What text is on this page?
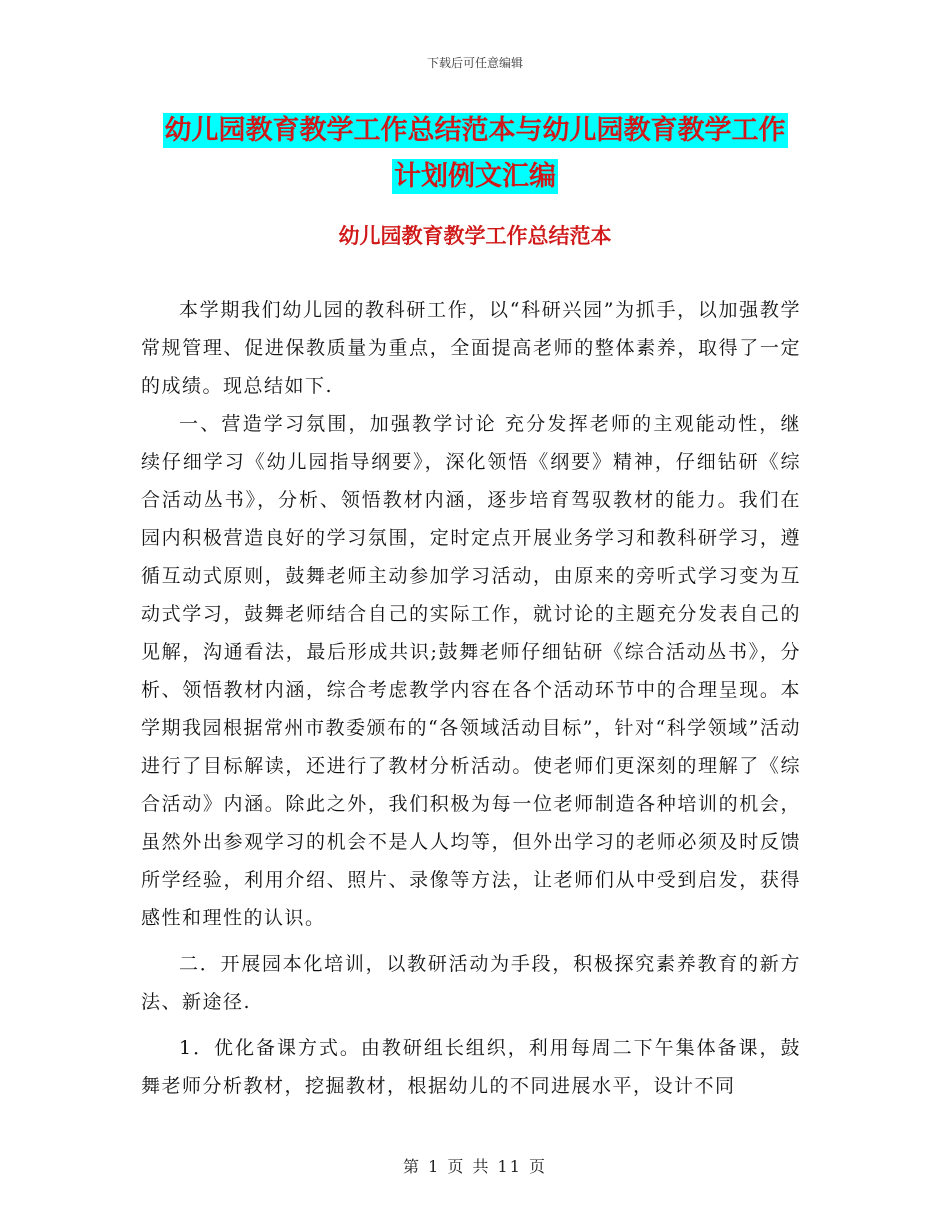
下载后可任意编辑
幼儿园教育教学工作总结范本与幼儿园教育教学工作
计划例文汇编
幼儿园教育教学工作总结范本

本学期我们幼儿园的教科研工作，以“科研兴园”为抓手，以加强教学常规管理、促进保教质量为重点，全面提高老师的整体素养，取得了一定的成绩。现总结如下.

一、营造学习氛围，加强教学讨论 充分发挥老师的主观能动性，继续仔细学习《幼儿园指导纲要》，深化领悟《纲要》精神，仔细钻研《综合活动丛书》，分析、领悟教材内涵，逐步培育驾驭教材的能力。我们在园内积极营造良好的学习氛围，定时定点开展业务学习和教科研学习，遵循互动式原则，鼓舞老师主动参加学习活动，由原来的旁听式学习变为互动式学习，鼓舞老师结合自己的实际工作，就讨论的主题充分发表自己的见解，沟通看法，最后形成共识;鼓舞老师仔细钻研《综合活动丛书》，分析、领悟教材内涵，综合考虑教学内容在各个活动环节中的合理呈现。本学期我园根据常州市教委颁布的“各领域活动目标”，针对“科学领域”活动进行了目标解读，还进行了教材分析活动。使老师们更深刻的理解了《综合活动》内涵。除此之外，我们积极为每一位老师制造各种培训的机会，虽然外出参观学习的机会不是人人均等，但外出学习的老师必须及时反馈所学经验，利用介绍、照片、录像等方法，让老师们从中受到启发，获得感性和理性的认识。

二．开展园本化培训，以教研活动为手段，积极探究素养教育的新方法、新途径.

1．优化备课方式。由教研组长组织，利用每周二下午集体备课，鼓舞老师分析教材，挖掘教材，根据幼儿的不同进展水平，设计不同

第 1 页 共 11 页
